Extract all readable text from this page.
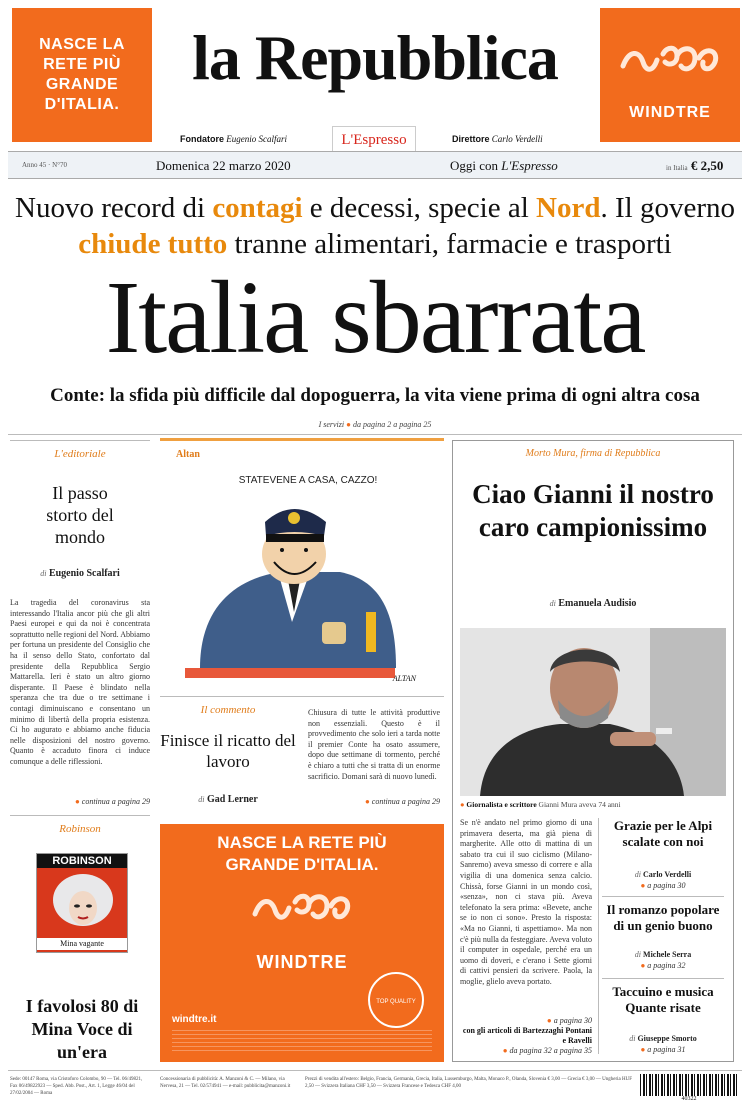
NASCE LA RETE PIÙ GRANDE D'ITALIA.	WINDTRE
la Repubblica
Fondatore Eugenio Scalfari	Direttore Carlo Verdelli
L'Espresso
Anno 45 · N°70	Domenica 22 marzo 2020	Oggi con L'Espresso	in Italia € 2,50
Nuovo record di contagi e decessi, specie al Nord. Il governo
chiude tutto tranne alimentari, farmacie e trasporti
Italia sbarrata
Conte: la sfida più difficile dal dopoguerra, la vita viene prima di ogni altra cosa
I servizi ● da pagina 2 a pagina 25
L'editoriale
Il passo storto del mondo
di Eugenio Scalfari
La tragedia del coronavirus sta interessando l'Italia ancor più che gli altri Paesi europei e qui da noi è concentrata soprattutto nelle regioni del Nord. Abbiamo per fortuna un presidente del Consiglio che ha il senso dello Stato, confortato dal presidente della Repubblica Sergio Mattarella. Ieri è stato un altro giorno disperante. Il Paese è blindato nella speranza che tra due o tre settimane i contagi diminuiscano e consentano un minimo di libertà della propria esistenza. Ci ho augurato e abbiamo anche fiducia nelle disposizioni del nostro governo. Quanto è accaduto finora ci induce comunque a delle riflessioni.
● continua a pagina 29
Robinson
ROBINSON
Mina vagante
I favolosi 80 di Mina Voce di un'era
Altan
STATEVENE A CASA, CAZZO!
ALTAN
Il commento
Finisce il ricatto del lavoro
di Gad Lerner
Chiusura di tutte le attività produttive non essenziali. Questo è il provvedimento che solo ieri a tarda notte il premier Conte ha osato assumere, dopo due settimane di tormento, perché è chiaro a tutti che si tratta di un enorme sacrificio. Domani sarà di nuovo lunedì.
● continua a pagina 29
NASCE LA RETE PIÙ GRANDE D'ITALIA.
WINDTRE
TOP QUALITY
windtre.it
Morto Mura, firma di Repubblica
Ciao Gianni il nostro caro campionissimo
di Emanuela Audisio
● Giornalista e scrittore Gianni Mura aveva 74 anni
Se n'è andato nel primo giorno di una primavera deserta, ma già piena di margherite. Alle otto di mattina di un sabato tra cui il suo ciclismo (Milano-Sanremo) aveva smesso di correre e alla vigilia di una domenica senza calcio. Chissà, forse Gianni in un mondo così, «senza», non ci stava più. Aveva telefonato la sera prima: «Bevete, anche se io non ci sono». Presto la risposta: «Ma no Gianni, ti aspettiamo». Ma non c'è più nulla da festeggiare. Aveva voluto il computer in ospedale, perché era un uomo di doveri, e c'erano i Sette giorni di cattivi pensieri da scrivere. Paola, la moglie, glielo aveva portato.
● a pagina 30
con gli articoli di Bartezzaghi Pontani e Ravelli
● da pagina 32 a pagina 35
Grazie per le Alpi scalate con noi
di Carlo Verdelli
● a pagina 30
Il romanzo popolare di un genio buono
di Michele Serra
● a pagina 32
Taccuino e musica Quante risate
di Giuseppe Smorto
● a pagina 31
Sede: 00147 Roma, via Cristoforo Colombo, 90 — Tel. 06/49821, Fax 06/49822923 — Sped. Abb. Post., Art. 1, Legge 46/04 del 27/02/2004 — Roma
Concessionaria di pubblicità: A. Manzoni & C. — Milano, via Nervesa, 21 — Tel. 02/574941 — e-mail: pubblicita@manzoni.it
Prezzi di vendita all'estero: Belgio, Francia, Germania, Grecia, Italia, Lussemburgo, Malta, Monaco P., Olanda, Slovenia € 3,00 — Grecia € 3,00 — Ungheria HUF 2,50 — Svizzera Italiana CHF 3,50 — Svizzera Francese e Tedesca CHF 4,00
40322
